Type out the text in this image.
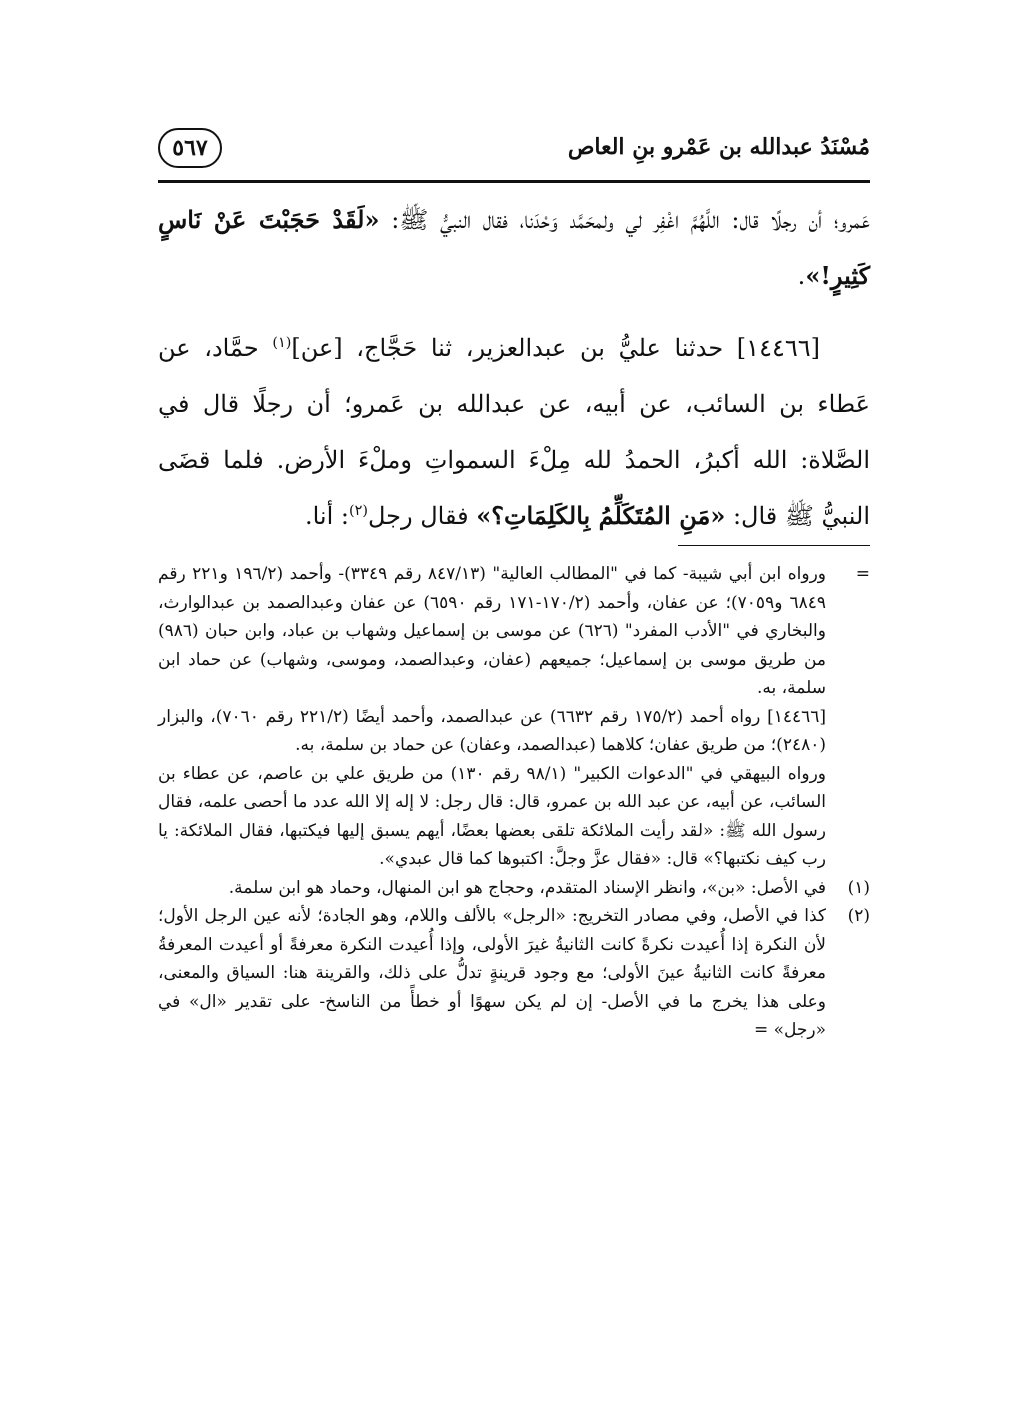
مُسْنَدُ عبدالله بن عَمْرو بنِ العاص
٥٦٧

عَمرو؛ أن رجلًا قال: اللَّهُمَّ اغْفِر لي ولمحَمَّد وَحْدَنا، فقال النبيُّ ﷺ: «لَقَدْ حَجَبْتَ عَنْ نَاسٍ كَثِيرٍ!».

[١٤٤٦٦] حدثنا عليُّ بن عبدالعزير، ثنا حَجَّاج، [عن]$^{(١)}$ حمَّاد، عن عَطاء بن السائب، عن أبيه، عن عبدالله بن عَمرو؛ أن رجلًا قال في الصَّلاة: الله أكبرُ، الحمدُ لله مِلْءَ السمواتِ وملْءَ الأرض. فلما قضَى النبيُّ ﷺ قال: «مَنِ المُتَكَلِّمُ بِالكَلِمَاتِ؟» فقال رجل$^{(٢)}$: أنا.

=

ورواه ابن أبي شيبة- كما في "المطالب العالية" (٨٤٧/١٣ رقم ٣٣٤٩)- وأحمد (١٩٦/٢ و٢٢١ رقم ٦٨٤٩ و٧٠٥٩)؛ عن عفان، وأحمد (١٧٠/٢-١٧١ رقم ٦٥٩٠) عن عفان وعبدالصمد بن عبدالوارث، والبخاري في "الأدب المفرد" (٦٢٦) عن موسى بن إسماعيل وشهاب بن عباد، وابن حبان (٩٨٦) من طريق موسى بن إسماعيل؛ جميعهم (عفان، وعبدالصمد، وموسى، وشهاب) عن حماد ابن سلمة، به.

[١٤٤٦٦] رواه أحمد (١٧٥/٢ رقم ٦٦٣٢) عن عبدالصمد، وأحمد أيضًا (٢٢١/٢ رقم ٧٠٦٠)، والبزار (٢٤٨٠)؛ من طريق عفان؛ كلاهما (عبدالصمد، وعفان) عن حماد بن سلمة، به.

ورواه البيهقي في "الدعوات الكبير" (٩٨/١ رقم ١٣٠) من طريق علي بن عاصم، عن عطاء بن السائب، عن أبيه، عن عبد الله بن عمرو، قال: قال رجل: لا إله إلا الله عدد ما أحصى علمه، فقال رسول الله ﷺ: «لقد رأيت الملائكة تلقى بعضها بعضًا، أيهم يسبق إليها فيكتبها، فقال الملائكة: يا رب كيف نكتبها؟» قال: «فقال عزَّ وجلَّ: اكتبوها كما قال عبدي».

(١)

في الأصل: «بن»، وانظر الإسناد المتقدم، وحجاج هو ابن المنهال، وحماد هو ابن سلمة.

(٢)

كذا في الأصل، وفي مصادر التخريج: «الرجل» بالألف واللام، وهو الجادة؛ لأنه عين الرجل الأول؛ لأن النكرة إذا أُعيدت نكرةً كانت الثانيةُ غيرَ الأولى، وإذا أُعيدت النكرة معرفةً أو أعيدت المعرفةُ معرفةً كانت الثانيةُ عينَ الأولى؛ مع وجود قرينةٍ تدلُّ على ذلك، والقرينة هنا: السياق والمعنى، وعلى هذا يخرج ما في الأصل- إن لم يكن سهوًا أو خطأً من الناسخ- على تقدير «ال» في «رجل» =
